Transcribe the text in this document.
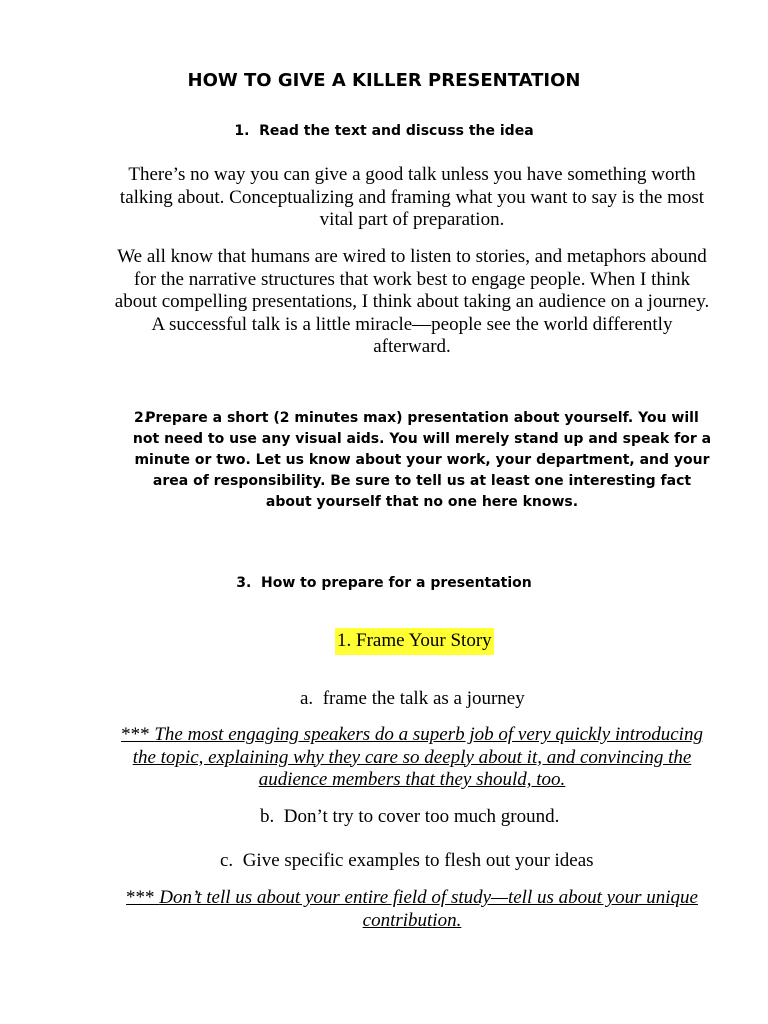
HOW TO GIVE A KILLER PRESENTATION
1. Read the text and discuss the idea
There’s no way you can give a good talk unless you have something worth talking about. Conceptualizing and framing what you want to say is the most vital part of preparation.
We all know that humans are wired to listen to stories, and metaphors abound for the narrative structures that work best to engage people. When I think about compelling presentations, I think about taking an audience on a journey. A successful talk is a little miracle—people see the world differently afterward.
2.
Prepare a short (2 minutes max) presentation about yourself. You will not need to use any visual aids. You will merely stand up and speak for a minute or two. Let us know about your work, your department, and your area of responsibility. Be sure to tell us at least one interesting fact about yourself that no one here knows.
3. How to prepare for a presentation
1. Frame Your Story
a. frame the talk as a journey
*** The most engaging speakers do a superb job of very quickly introducing the topic, explaining why they care so deeply about it, and convincing the audience members that they should, too.
b. Don’t try to cover too much ground.
c. Give specific examples to flesh out your ideas
*** Don’t tell us about your entire field of study—tell us about your unique contribution.
